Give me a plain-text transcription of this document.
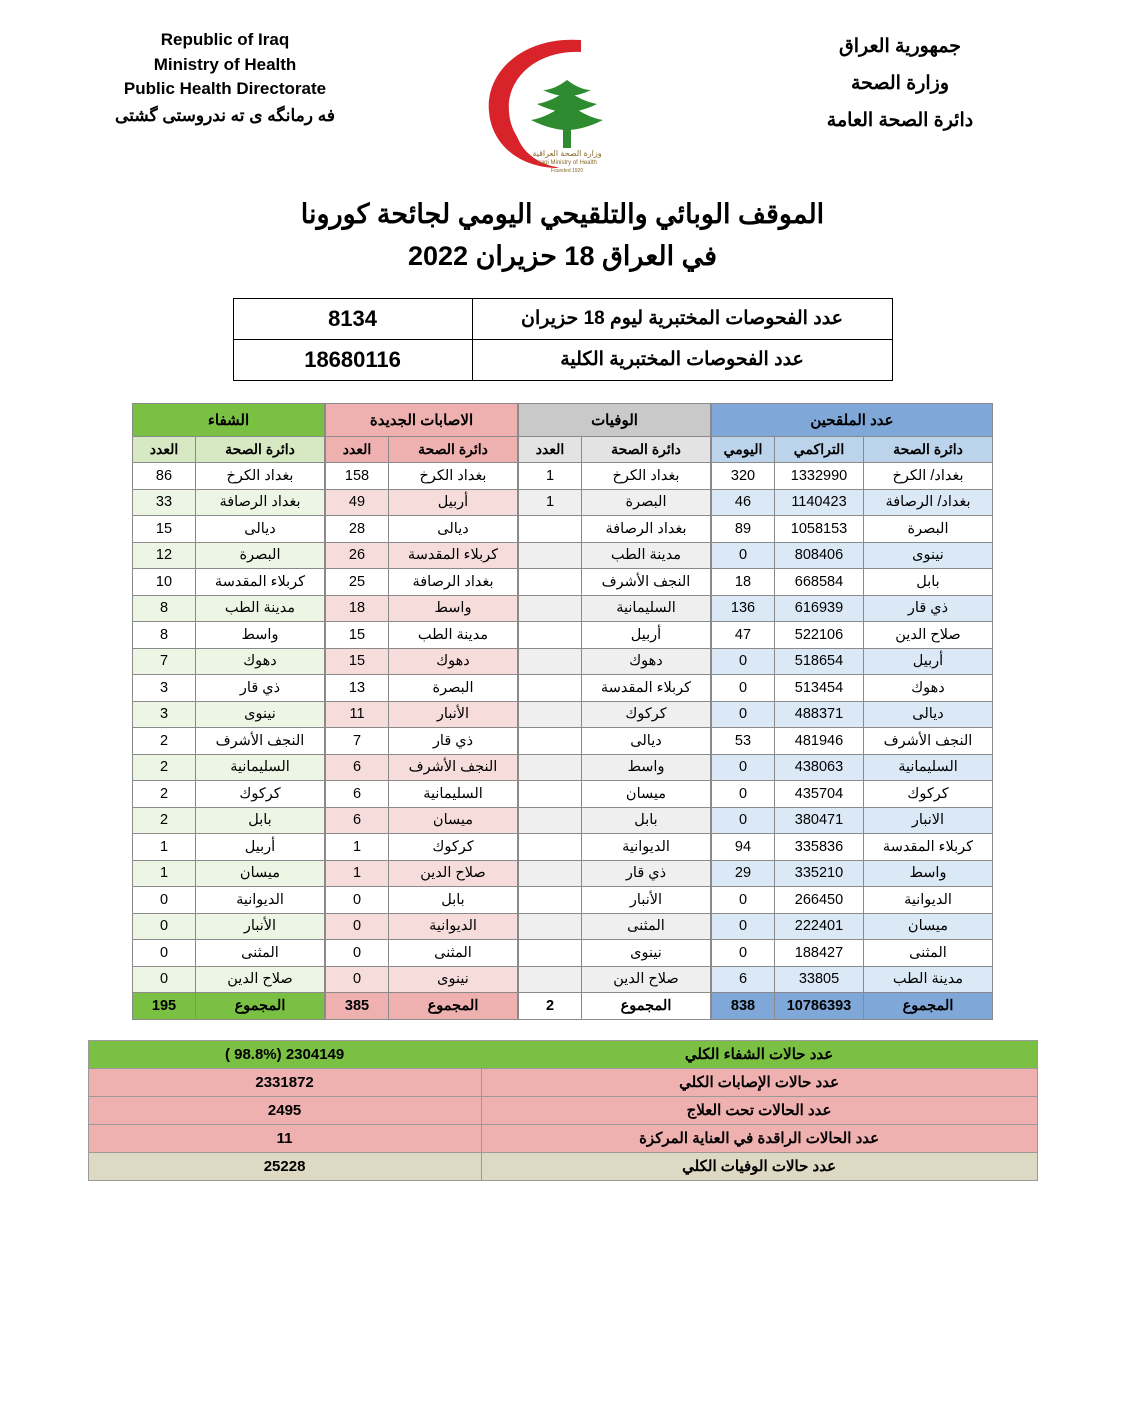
جمهورية العراق
وزارة الصحة
دائرة الصحة العامة
وزارة الصحة العراقية
Iraqi Ministry of Health
Founded 1920
Republic of Iraq
Ministry of Health
Public Health Directorate
فه رمانگه ى ته ندروستى گشتى
الموقف الوبائي والتلقيحي اليومي لجائحة كورونا
في العراق 18 حزيران 2022
عدد الفحوصات المختبرية ليوم 18 حزيران	8134
عدد الفحوصات المختبرية الكلية	18680116
عدد الملقحين		
دائرة الصحة	التراكمي	اليومي
بغداد/ الكرخ	1332990	320
بغداد/ الرصافة	1140423	46
البصرة	1058153	89
نينوى	808406	0
بابل	668584	18
ذي قار	616939	136
صلاح الدين	522106	47
أربيل	518654	0
دهوك	513454	0
ديالى	488371	0
النجف الأشرف	481946	53
السليمانية	438063	0
كركوك	435704	0
الانبار	380471	0
كربلاء المقدسة	335836	94
واسط	335210	29
الديوانية	266450	0
ميسان	222401	0
المثنى	188427	0
مدينة الطب	33805	6
المجموع	10786393	838
الوفيات	
دائرة الصحة	العدد
بغداد الكرخ	1
البصرة	1
بغداد الرصافة	
مدينة الطب	
النجف الأشرف	
السليمانية	
أربيل	
دهوك	
كربلاء المقدسة	
كركوك	
ديالى	
واسط	
ميسان	
بابل	
الديوانية	
ذي قار	
الأنبار	
المثنى	
نينوى	
صلاح الدين	
المجموع	2
الاصابات الجديدة	
دائرة الصحة	العدد
بغداد الكرخ	158
أربيل	49
ديالى	28
كربلاء المقدسة	26
بغداد الرصافة	25
واسط	18
مدينة الطب	15
دهوك	15
البصرة	13
الأنبار	11
ذي قار	7
النجف الأشرف	6
السليمانية	6
ميسان	6
كركوك	1
صلاح الدين	1
بابل	0
الديوانية	0
المثنى	0
نينوى	0
المجموع	385
الشفاء	
دائرة الصحة	العدد
بغداد الكرخ	86
بغداد الرصافة	33
ديالى	15
البصرة	12
كربلاء المقدسة	10
مدينة الطب	8
واسط	8
دهوك	7
ذي قار	3
نينوى	3
النجف الأشرف	2
السليمانية	2
كركوك	2
بابل	2
أربيل	1
ميسان	1
الديوانية	0
الأنبار	0
المثنى	0
صلاح الدين	0
المجموع	195
عدد حالات الشفاء الكلي	2304149 (98.8% )
عدد حالات الإصابات الكلي	2331872
عدد الحالات تحت العلاج	2495
عدد الحالات الراقدة في العناية المركزة	11
عدد حالات الوفيات الكلي	25228
